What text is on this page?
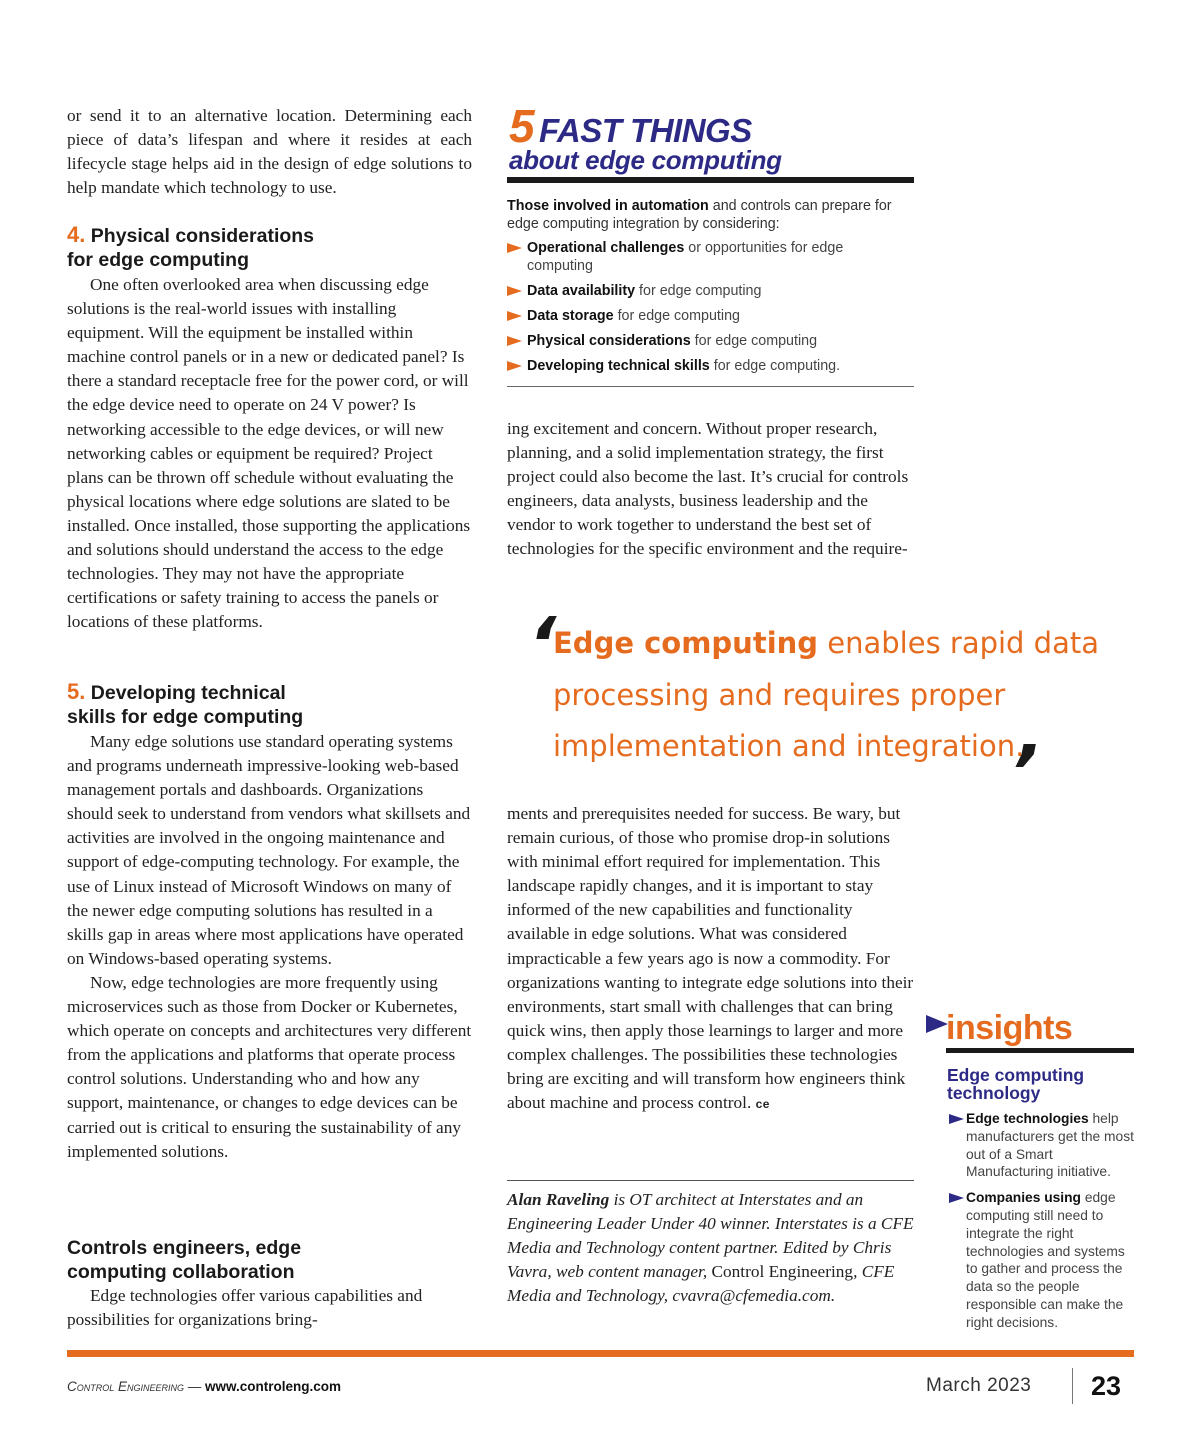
or send it to an alternative location. Determining each piece of data’s lifespan and where it resides at each lifecycle stage helps aid in the design of edge solutions to help mandate which technology to use.

4. Physical considerations
for edge computing

One often overlooked area when discussing edge solutions is the real-world issues with installing equipment. Will the equipment be installed within machine control panels or in a new or dedicated panel? Is there a standard receptacle free for the power cord, or will the edge device need to operate on 24 V power? Is networking accessible to the edge devices, or will new networking cables or equipment be required? Project plans can be thrown off schedule without evaluating the physical locations where edge solutions are slated to be installed. Once installed, those supporting the applications and solutions should understand the access to the edge technologies. They may not have the appropriate certifications or safety training to access the panels or locations of these platforms.

5. Developing technical
skills for edge computing

Many edge solutions use standard operating systems and programs underneath impressive-looking web-based management portals and dashboards. Organizations should seek to understand from vendors what skillsets and activities are involved in the ongoing maintenance and support of edge-computing technology. For example, the use of Linux instead of Microsoft Windows on many of the newer edge computing solutions has resulted in a skills gap in areas where most applications have operated on Windows-based operating systems.

Now, edge technologies are more frequently using microservices such as those from Docker or Kubernetes, which operate on concepts and architectures very different from the applications and platforms that operate process control solutions. Understanding who and how any support, maintenance, or changes to edge devices can be carried out is critical to ensuring the sustainability of any implemented solutions.

Controls engineers, edge
computing collaboration

Edge technologies offer various capabilities and possibilities for organizations bring-

5 FAST THINGS
about edge computing

Those involved in automation and controls can prepare for edge computing integration by considering:

Operational challenges or opportunities for edge computing
Data availability for edge computing
Data storage for edge computing
Physical considerations for edge computing
Developing technical skills for edge computing.

ing excitement and concern. Without proper research, planning, and a solid implementation strategy, the first project could also become the last. It’s crucial for controls engineers, data analysts, business leadership and the vendor to work together to understand the best set of technologies for the specific environment and the require-

‘
Edge computing enables rapid data processing and requires proper implementation and integration.
’

ments and prerequisites needed for success. Be wary, but remain curious, of those who promise drop-in solutions with minimal effort required for implementation. This landscape rapidly changes, and it is important to stay informed of the new capabilities and functionality available in edge solutions. What was considered impracticable a few years ago is now a commodity. For organizations wanting to integrate edge solutions into their environments, start small with challenges that can bring quick wins, then apply those learnings to larger and more complex challenges. The possibilities these technologies bring are exciting and will transform how engineers think about machine and process control. ce

Alan Raveling is OT architect at Interstates and an Engineering Leader Under 40 winner. Interstates is a CFE Media and Technology content partner. Edited by Chris Vavra, web content manager, Control Engineering, CFE Media and Technology, cvavra@cfemedia.com.

insights
Edge computing technology
Edge technologies help manufacturers get the most out of a Smart Manufacturing initiative.
Companies using edge computing still need to integrate the right technologies and systems to gather and process the data so the people responsible can make the right decisions.
Control Engineering — www.controleng.com	March 2023 23
